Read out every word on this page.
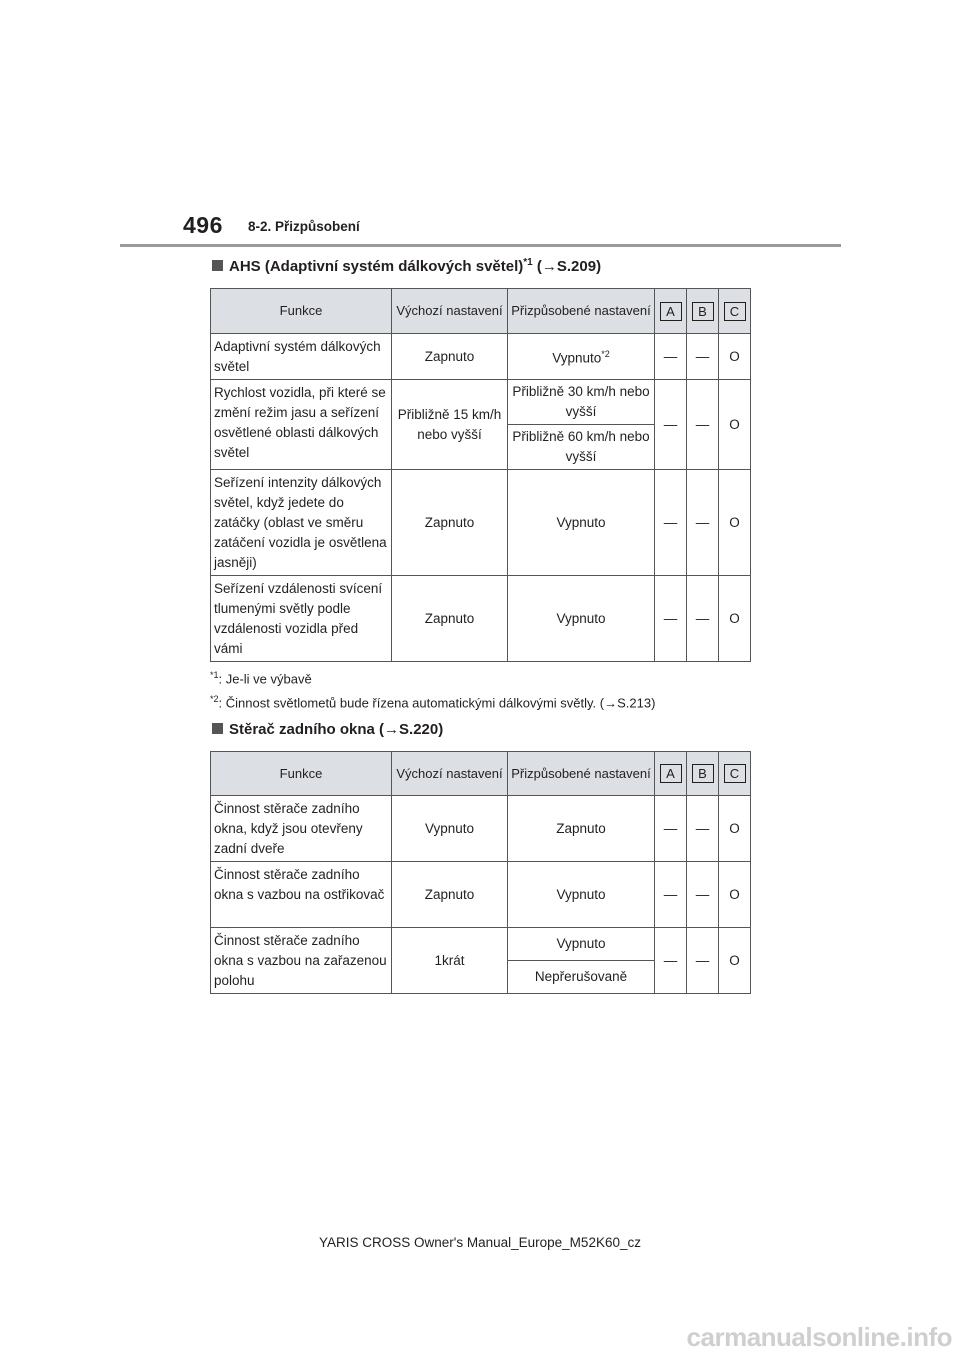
496 8-2. Přizpůsobení
AHS (Adaptivní systém dálkových světel)$^{*1}$ (→S.209)
Funkce	Výchozí nastavení	Přizpůsobené nastavení	A	B	C
Adaptivní systém dálkových světel	Zapnuto	Vypnuto$^{*2}$	—	—	O
Rychlost vozidla, při které se změní režim jasu a seřízení osvětlené oblasti dálkových světel	Přibližně 15 km/h nebo vyšší	Přibližně 30 km/h nebo vyšší	—	—	O
		Přibližně 60 km/h nebo vyšší			
Seřízení intenzity dálkových světel, když jedete do zatáčky (oblast ve směru zatáčení vozidla je osvětlena jasněji)	Zapnuto	Vypnuto	—	—	O
Seřízení vzdálenosti svícení tlumenými světly podle vzdálenosti vozidla před vámi	Zapnuto	Vypnuto	—	—	O
$^{*1}$: Je-li ve výbavě
$^{*2}$: Činnost světlometů bude řízena automatickými dálkovými světly. (→S.213)
Stěrač zadního okna (→S.220)
Funkce	Výchozí nastavení	Přizpůsobené nastavení	A	B	C
Činnost stěrače zadního okna, když jsou otevřeny zadní dveře	Vypnuto	Zapnuto	—	—	O
Činnost stěrače zadního okna s vazbou na ostřikovač	Zapnuto	Vypnuto	—	—	O
Činnost stěrače zadního okna s vazbou na zařazenou polohu	1krát	Vypnuto	—	—	O
		Nepřerušovaně			
YARIS CROSS Owner's Manual_Europe_M52K60_cz
carmanualsonline.info
